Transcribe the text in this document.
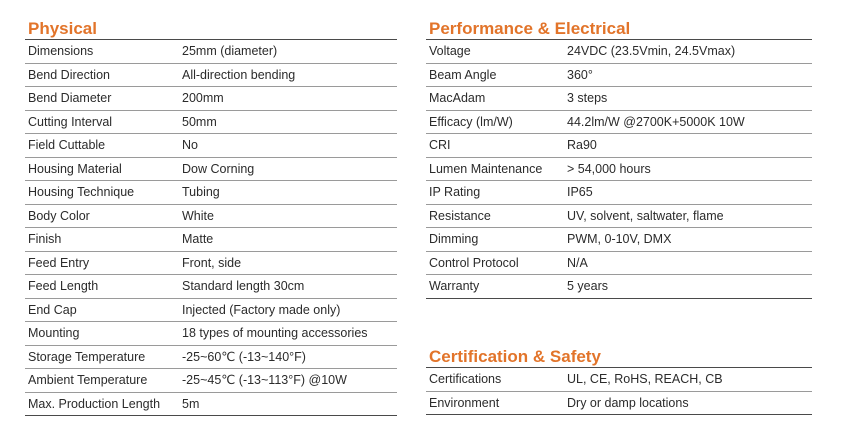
Physical
Dimensions	25mm (diameter)
Bend Direction	All-direction bending
Bend Diameter	200mm
Cutting Interval	50mm
Field Cuttable	No
Housing Material	Dow Corning
Housing Technique	Tubing
Body Color	White
Finish	Matte
Feed Entry	Front, side
Feed Length	Standard length 30cm
End Cap	Injected (Factory made only)
Mounting	18 types of mounting accessories
Storage Temperature	-25~60℃ (-13~140°F)
Ambient Temperature	-25~45℃ (-13~113°F) @10W
Max. Production Length	5m
Performance & Electrical
Voltage	24VDC (23.5Vmin, 24.5Vmax)
Beam Angle	360°
MacAdam	3 steps
Efficacy (lm/W)	44.2lm/W @2700K+5000K 10W
CRI	Ra90
Lumen Maintenance	> 54,000 hours
IP Rating	IP65
Resistance	UV, solvent, saltwater, flame
Dimming	PWM, 0-10V, DMX
Control Protocol	N/A
Warranty	5 years
Certification & Safety
Certifications	UL, CE, RoHS, REACH, CB
Environment	Dry or damp locations
